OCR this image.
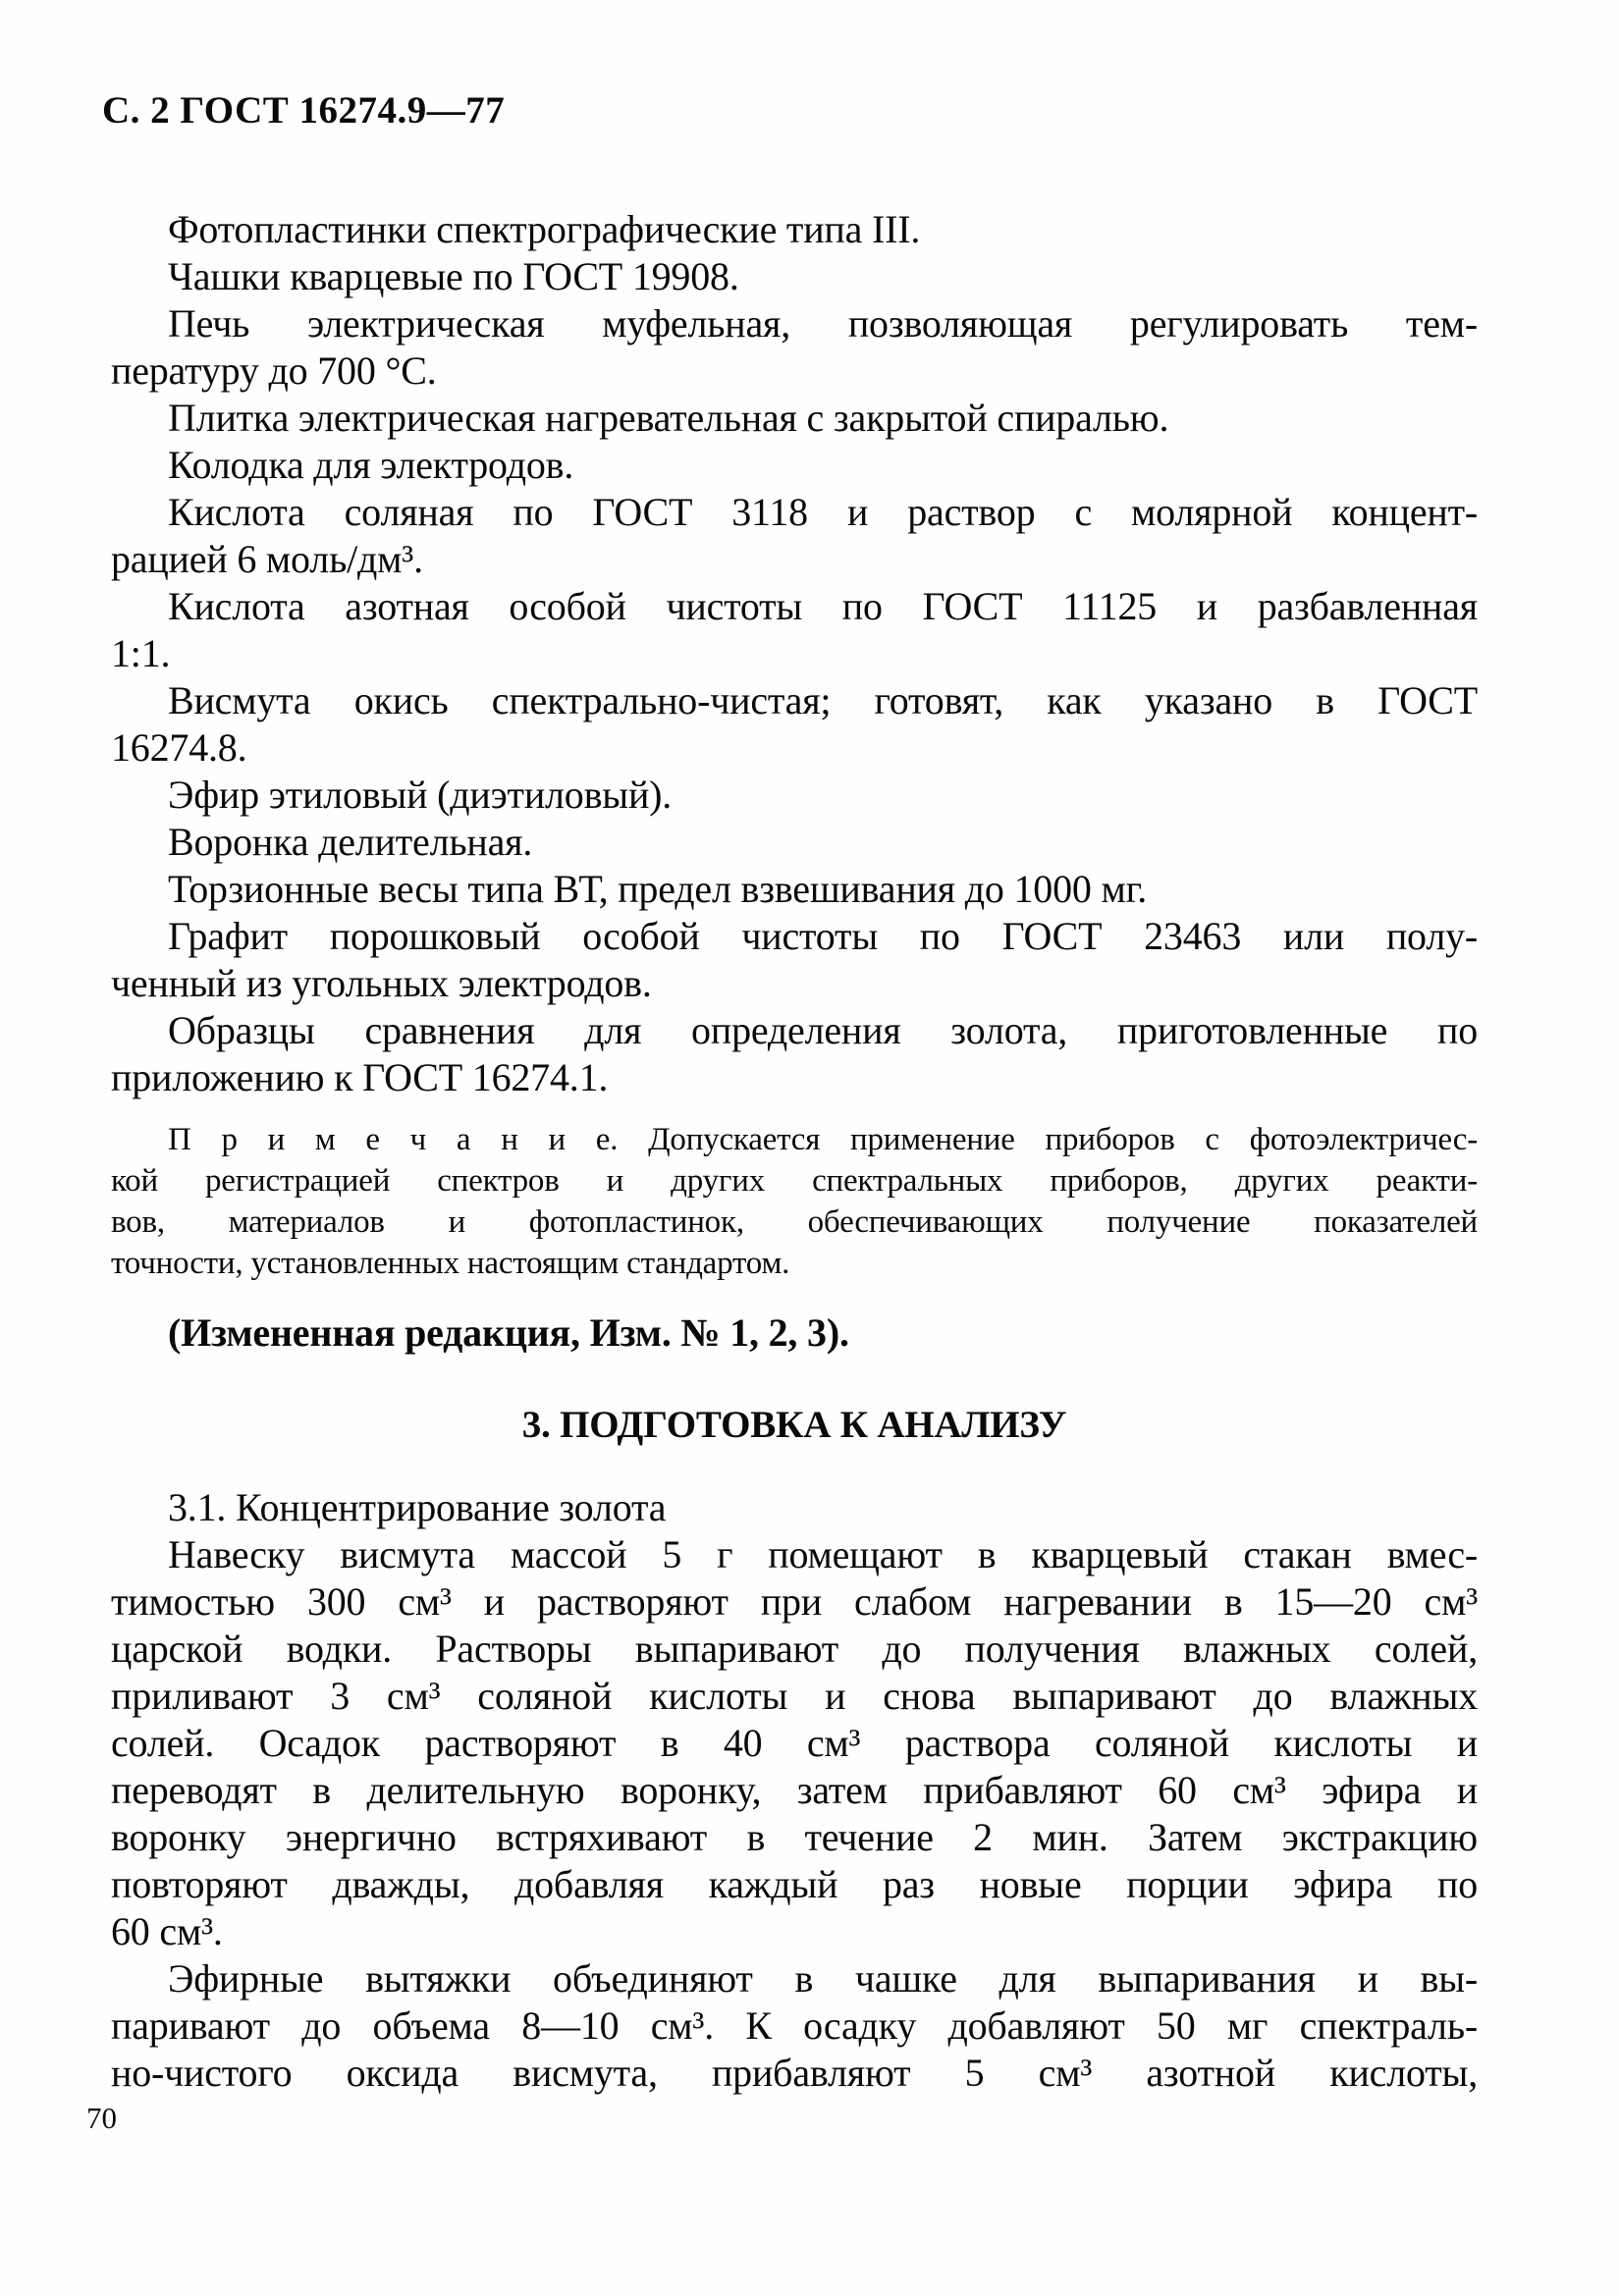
С. 2 ГОСТ 16274.9—77

Фотопластинки спектрографические типа III.

Чашки кварцевые по ГОСТ 19908.

Печь электрическая муфельная, позволяющая регулировать тем-
пературу до 700 °С.

Плитка электрическая нагревательная с закрытой спиралью.

Колодка для электродов.

Кислота соляная по ГОСТ 3118 и раствор с молярной концент-
рацией 6 моль/дм³.

Кислота азотная особой чистоты по ГОСТ 11125 и разбавленная
1:1.

Висмута окись спектрально-чистая; готовят, как указано в ГОСТ
16274.8.

Эфир этиловый (диэтиловый).

Воронка делительная.

Торзионные весы типа ВТ, предел взвешивания до 1000 мг.

Графит порошковый особой чистоты по ГОСТ 23463 или полу-
ченный из угольных электродов.

Образцы сравнения для определения золота, приготовленные по
приложению к ГОСТ 16274.1.

П р и м е ч а н и е. Допускается применение приборов с фотоэлектричес-
кой регистрацией спектров и других спектральных приборов, других реакти-
вов, материалов и фотопластинок, обеспечивающих получение показателей
точности, установленных настоящим стандартом.

(Измененная редакция, Изм. № 1, 2, 3).

3. ПОДГОТОВКА К АНАЛИЗУ

3.1. Концентрирование золота

Навеску висмута массой 5 г помещают в кварцевый стакан вмес-
тимостью 300 см³ и растворяют при слабом нагревании в 15—20 см³
царской водки. Растворы выпаривают до получения влажных солей,
приливают 3 см³ соляной кислоты и снова выпаривают до влажных
солей. Осадок растворяют в 40 см³ раствора соляной кислоты и
переводят в делительную воронку, затем прибавляют 60 см³ эфира и
воронку энергично встряхивают в течение 2 мин. Затем экстракцию
повторяют дважды, добавляя каждый раз новые порции эфира по
60 см³.

Эфирные вытяжки объединяют в чашке для выпаривания и вы-
паривают до объема 8—10 см³. К осадку добавляют 50 мг спектраль-
но-чистого оксида висмута, прибавляют 5 см³ азотной кислоты,

70
